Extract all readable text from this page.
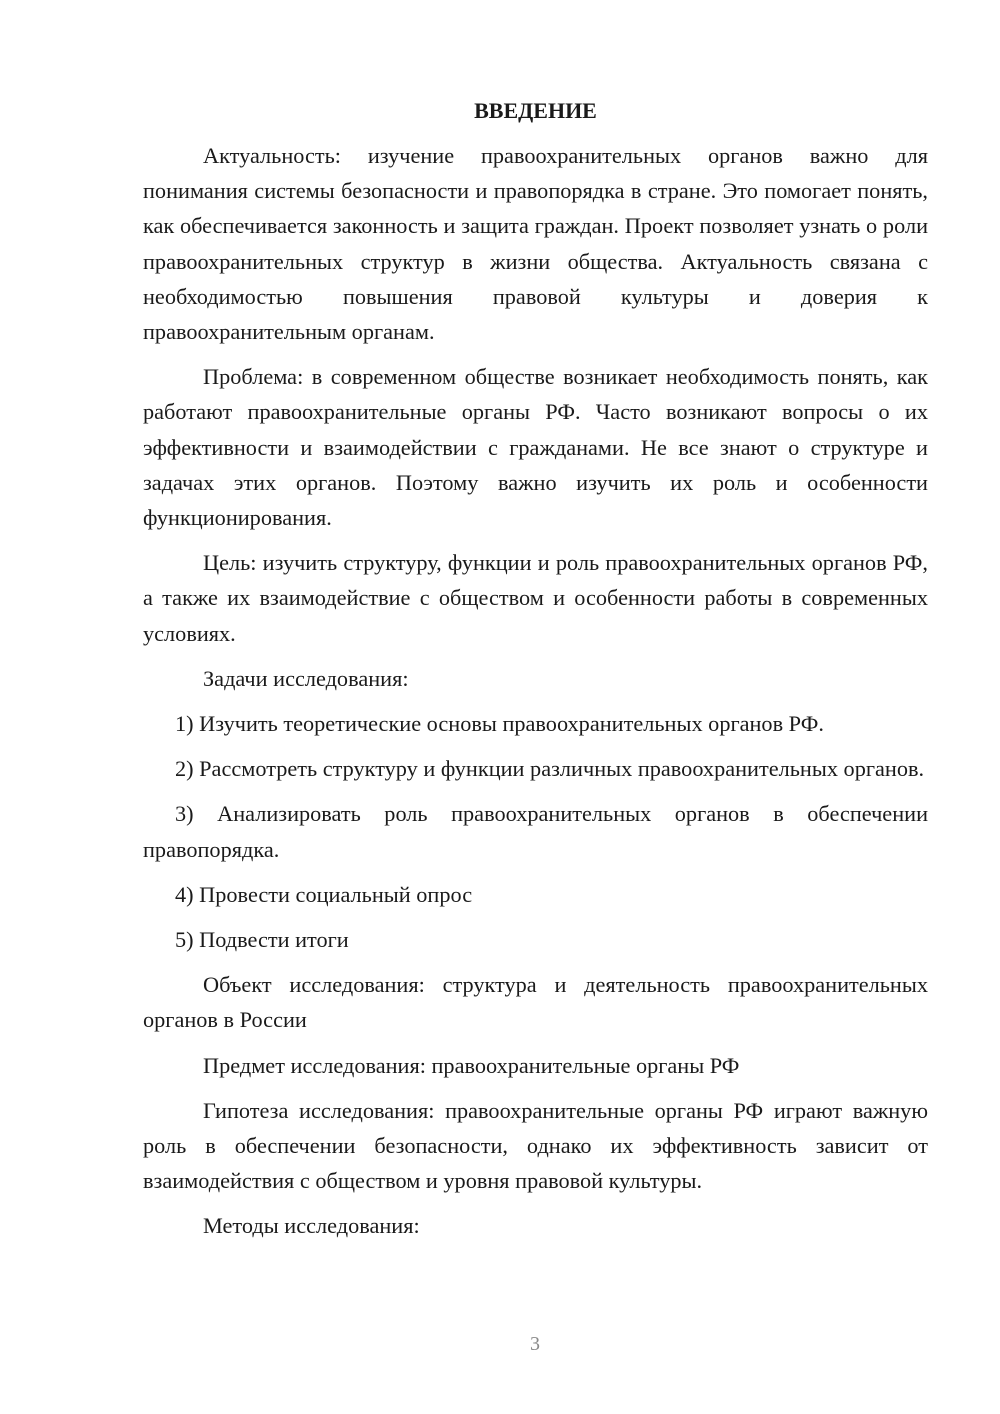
ВВЕДЕНИЕ

Актуальность: изучение правоохранительных органов важно для понимания системы безопасности и правопорядка в стране. Это помогает понять, как обеспечивается законность и защита граждан. Проект позволяет узнать о роли правоохранительных структур в жизни общества. Актуальность связана с необходимостью повышения правовой культуры и доверия к правоохранительным органам.

Проблема: в современном обществе возникает необходимость понять, как работают правоохранительные органы РФ. Часто возникают вопросы о их эффективности и взаимодействии с гражданами. Не все знают о структуре и задачах этих органов. Поэтому важно изучить их роль и особенности функционирования.

Цель: изучить структуру, функции и роль правоохранительных органов РФ, а также их взаимодействие с обществом и особенности работы в современных условиях.

Задачи исследования:

1) Изучить теоретические основы правоохранительных органов РФ.

2) Рассмотреть структуру и функции различных правоохранительных органов.

3) Анализировать роль правоохранительных органов в обеспечении правопорядка.

4) Провести социальный опрос

5) Подвести итоги

Объект исследования: структура и деятельность правоохранительных органов в России

Предмет исследования: правоохранительные органы РФ

Гипотеза исследования: правоохранительные органы РФ играют важную роль в обеспечении безопасности, однако их эффективность зависит от взаимодействия с обществом и уровня правовой культуры.

Методы исследования:

3
